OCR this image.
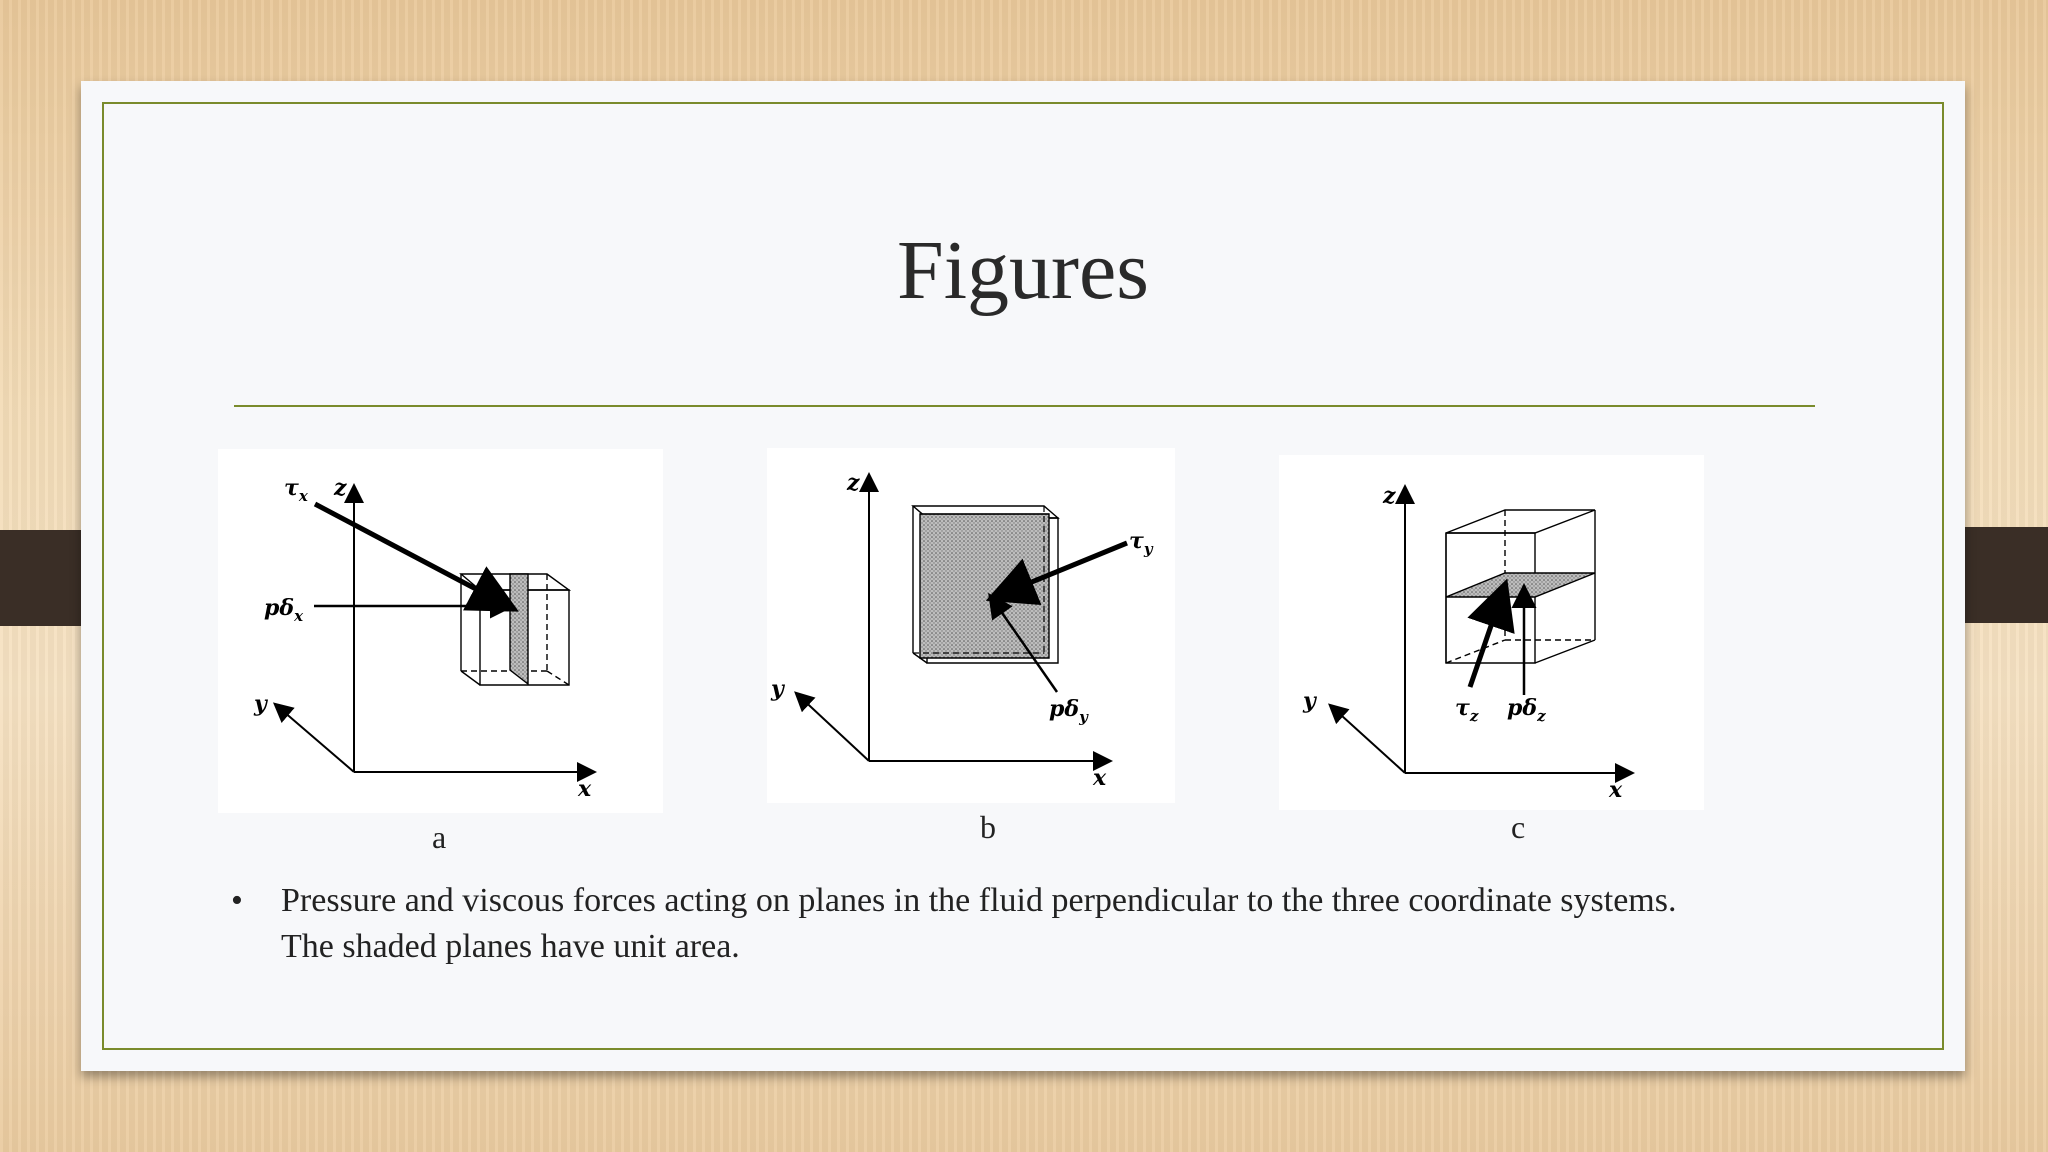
Figures
z
y
x
$\tau_x$
$p\delta_x$
z
y
x
$\tau_y$
$p\delta_y$
z
y
x
$\tau_z$ $p\delta_z$
a	b	c
• Pressure and viscous forces acting on planes in the fluid perpendicular to the three coordinate systems.
The shaded planes have unit area.
